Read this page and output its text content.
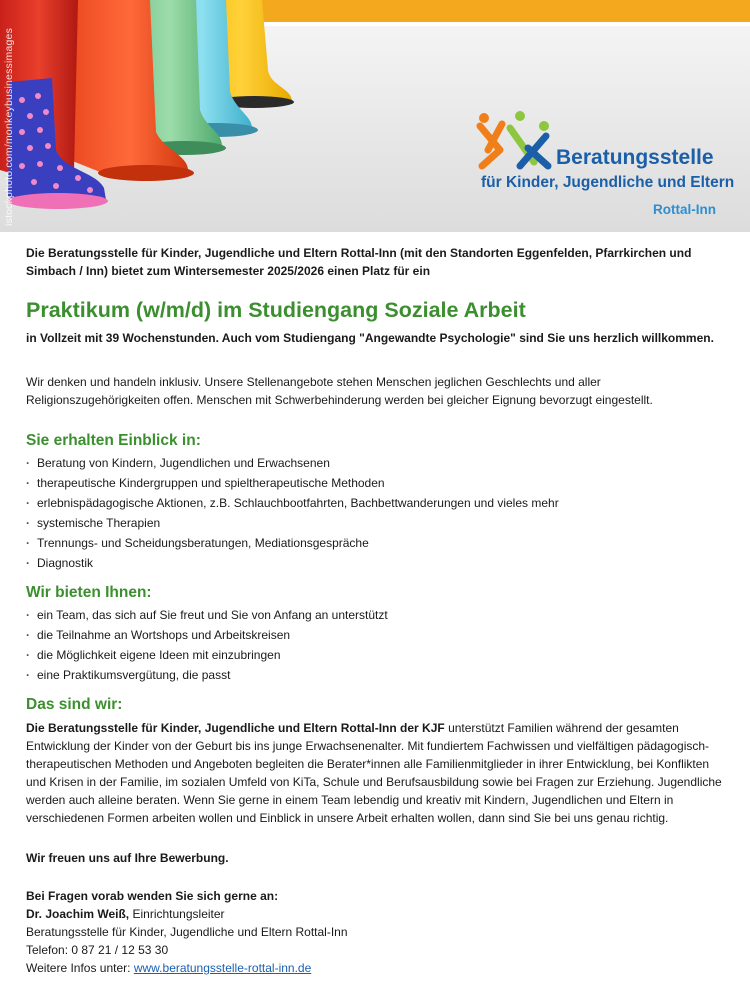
istockphoto.com/monkeybusinessimages	Beratungsstelle
für Kinder, Jugendliche und Eltern
Rottal-Inn

Die Beratungsstelle für Kinder, Jugendliche und Eltern Rottal-Inn (mit den Standorten Eggenfelden, Pfarrkirchen und Simbach / Inn) bietet zum Wintersemester 2025/2026 einen Platz für ein

Praktikum (w/m/d) im Studiengang Soziale Arbeit

in Vollzeit mit 39 Wochenstunden. Auch vom Studiengang "Angewandte Psychologie" sind Sie uns herzlich willkommen.

Wir denken und handeln inklusiv. Unsere Stellenangebote stehen Menschen jeglichen Geschlechts und aller Religionszugehörigkeiten offen. Menschen mit Schwerbehinderung werden bei gleicher Eignung bevorzugt eingestellt.

Sie erhalten Einblick in:
· Beratung von Kindern, Jugendlichen und Erwachsenen
· therapeutische Kindergruppen und spieltherapeutische Methoden
· erlebnispädagogische Aktionen, z.B. Schlauchbootfahrten, Bachbettwanderungen und vieles mehr
· systemische Therapien
· Trennungs- und Scheidungsberatungen, Mediationsgespräche
· Diagnostik
Wir bieten Ihnen:
· ein Team, das sich auf Sie freut und Sie von Anfang an unterstützt
· die Teilnahme an Wortshops und Arbeitskreisen
· die Möglichkeit eigene Ideen mit einzubringen
· eine Praktikumsvergütung, die passt
Das sind wir:

Die Beratungsstelle für Kinder, Jugendliche und Eltern Rottal-Inn der KJF unterstützt Familien während der gesamten Entwicklung der Kinder von der Geburt bis ins junge Erwachsenenalter. Mit fundiertem Fachwissen und vielfältigen pädagogisch-therapeutischen Methoden und Angeboten begleiten die Berater*innen alle Familienmitglieder in ihrer Entwicklung, bei Konflikten und Krisen in der Familie, im sozialen Umfeld von KiTa, Schule und Berufsausbildung sowie bei Fragen zur Erziehung. Jugendliche werden auch alleine beraten. Wenn Sie gerne in einem Team lebendig und kreativ mit Kindern, Jugendlichen und Eltern in verschiedenen Formen arbeiten wollen und Einblick in unsere Arbeit erhalten wollen, dann sind Sie bei uns genau richtig.

Wir freuen uns auf Ihre Bewerbung.

Bei Fragen vorab wenden Sie sich gerne an:
Dr. Joachim Weiß, Einrichtungsleiter
Beratungsstelle für Kinder, Jugendliche und Eltern Rottal-Inn
Telefon: 0 87 21 / 12 53 30
Weitere Infos unter: www.beratungsstelle-rottal-inn.de
